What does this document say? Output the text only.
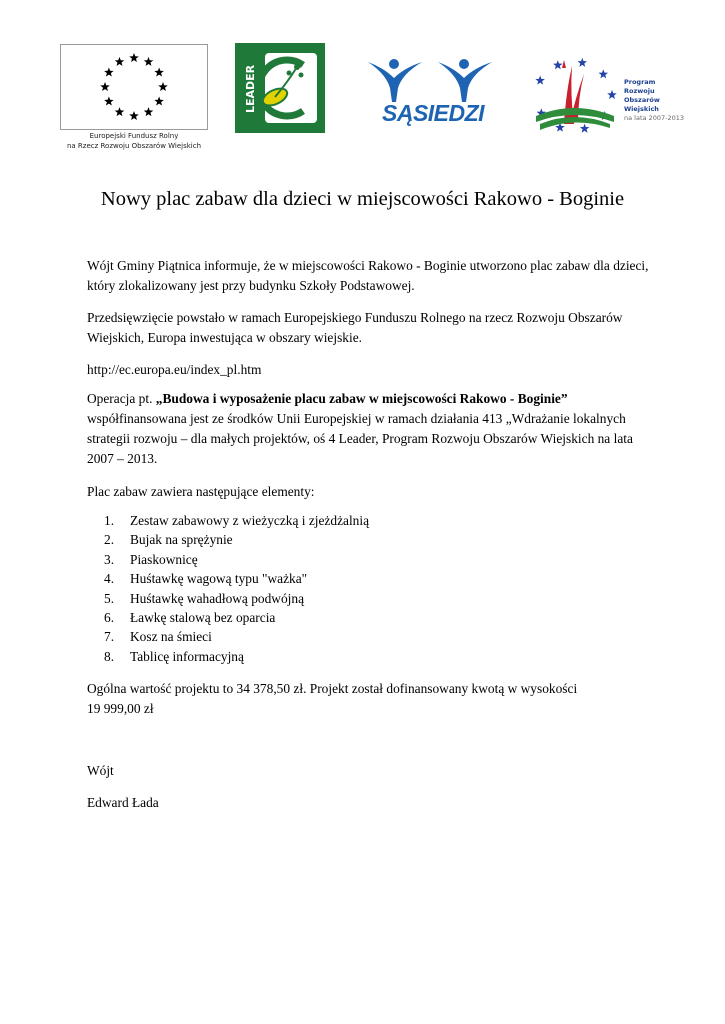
Europejski Fundusz Rolny
na Rzecz Rozwoju Obszarów Wiejskich
LEADER	SĄSIEDZI
Program
Rozwoju
Obszarów
Wiejskich
na lata 2007-2013
Nowy plac zabaw dla dzieci w miejscowości Rakowo - Boginie

Wójt Gminy Piątnica informuje, że w miejscowości Rakowo - Boginie utworzono plac zabaw dla dzieci, który zlokalizowany jest przy budynku Szkoły Podstawowej.

Przedsięwzięcie powstało w ramach Europejskiego Funduszu Rolnego na rzecz Rozwoju Obszarów Wiejskich, Europa inwestująca w obszary wiejskie.

http://ec.europa.eu/index_pl.htm

Operacja pt. „Budowa i wyposażenie placu zabaw w miejscowości Rakowo - Boginie” współfinansowana jest ze środków Unii Europejskiej w ramach działania 413 „Wdrażanie lokalnych strategii rozwoju – dla małych projektów, oś 4 Leader, Program Rozwoju Obszarów Wiejskich na lata 2007 – 2013.

Plac zabaw zawiera następujące elementy:

1. Zestaw zabawowy z wieżyczką i zjeżdżalnią
2. Bujak na sprężynie
3. Piaskownicę
4. Huśtawkę wagową typu "ważka"
5. Huśtawkę wahadłową podwójną
6. Ławkę stalową bez oparcia
7. Kosz na śmieci
8. Tablicę informacyjną

Ogólna wartość projektu to 34 378,50 zł. Projekt został dofinansowany kwotą w wysokości

19 999,00 zł

Wójt

Edward Łada
